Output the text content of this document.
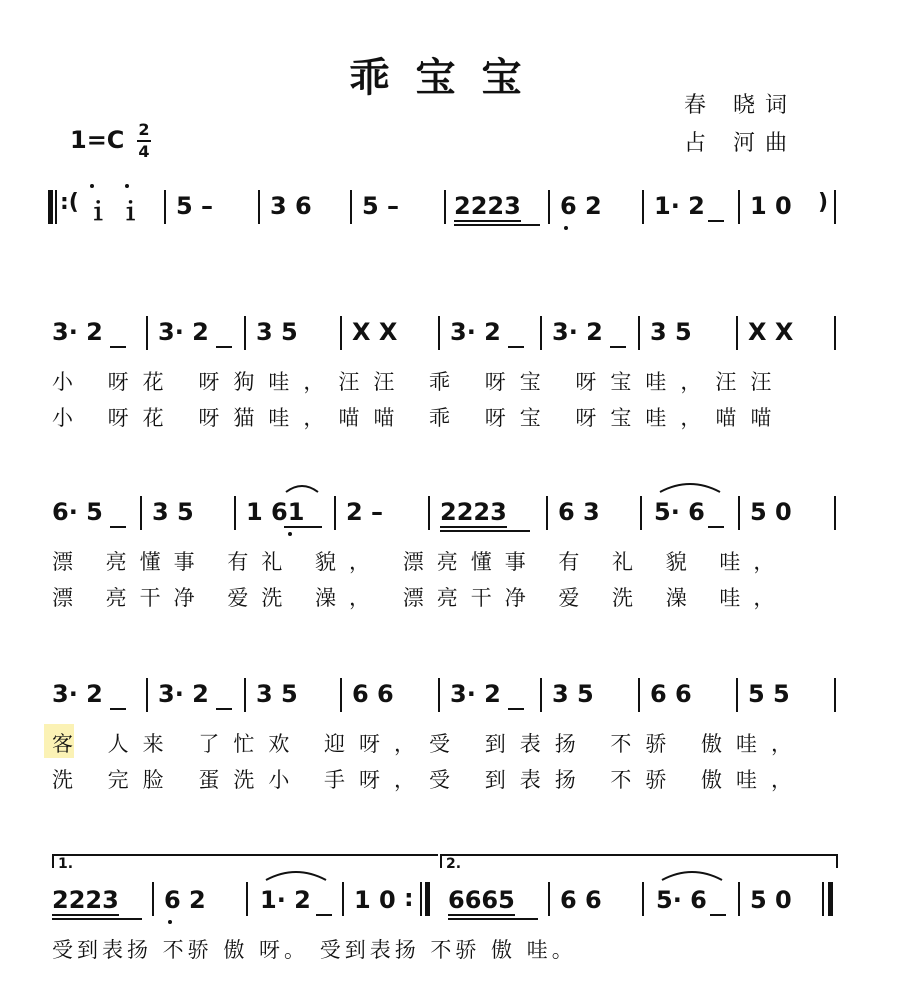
乖宝宝
春 晓词
占 河曲
1=C 2
4
:( ｉ ｉ 5 – 3 6 5 – 2223 6 2 1· 2 1 0 )
3· 2 3· 2 3 5 X X 3· 2 3· 2 3 5 X X
小 呀花 呀狗哇，汪汪 乖 呀宝 呀宝哇，汪汪
小 呀花 呀猫哇，喵喵 乖 呀宝 呀宝哇，喵喵
6· 5 3 5 1 61 2 – 2223 6 3 5· 6 5 0
漂 亮懂事 有礼 貌， 漂亮懂事 有 礼 貌 哇，
漂 亮干净 爱洗 澡， 漂亮干净 爱 洗 澡 哇，
3· 2 3· 2 3 5 6 6 3· 2 3 5 6 6 5 5
客 人来 了忙欢 迎呀，受 到表扬 不骄 傲哇，
洗 完脸 蛋洗小 手呀，受 到表扬 不骄 傲哇，
1.	2.
2223 6 2 1· 2 1 0 : 6665 6 6 5· 6 5 0
受到表扬 不骄 傲 呀。 受到表扬 不骄 傲 哇。
